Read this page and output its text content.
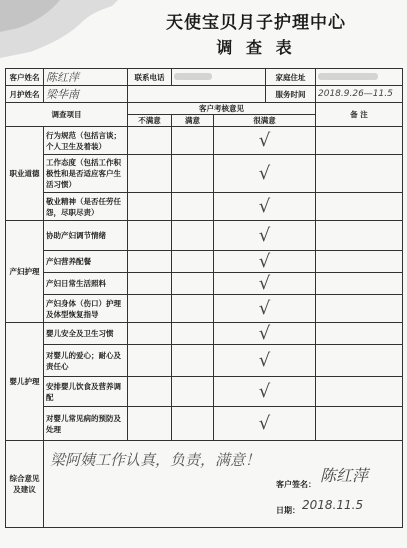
天使宝贝月子护理中心
调 查 表
客户姓名	陈红萍	联系电话			家庭住址	
月护姓名	梁华南				服务时间	2018.9.26—11.5
调查项目		客户考核意见				备 注
		不满意	满意	很满意		
职业道德	行为规范（包括言谈；个人卫生及着装）			√		
	工作态度（包括工作积极性和是否适应客户生活习惯）			√		
	敬业精神（是否任劳任怨，尽职尽责）			√		
产妇护理	协助产妇调节情绪			√		
	产妇营养配餐			√		
	产妇日常生活照料			√		
	产妇身体（伤口）护理及体型恢复指导			√		
婴儿护理	婴儿安全及卫生习惯			√		
	对婴儿的爱心；耐心及责任心			√		
	安排婴儿饮食及营养调配			√		
	对婴儿常见病的预防及处理			√		
综合意见及建议	梁阿姨工作认真，负责，满意！
客户签名： 陈红萍
日期： 2018.11.5					
